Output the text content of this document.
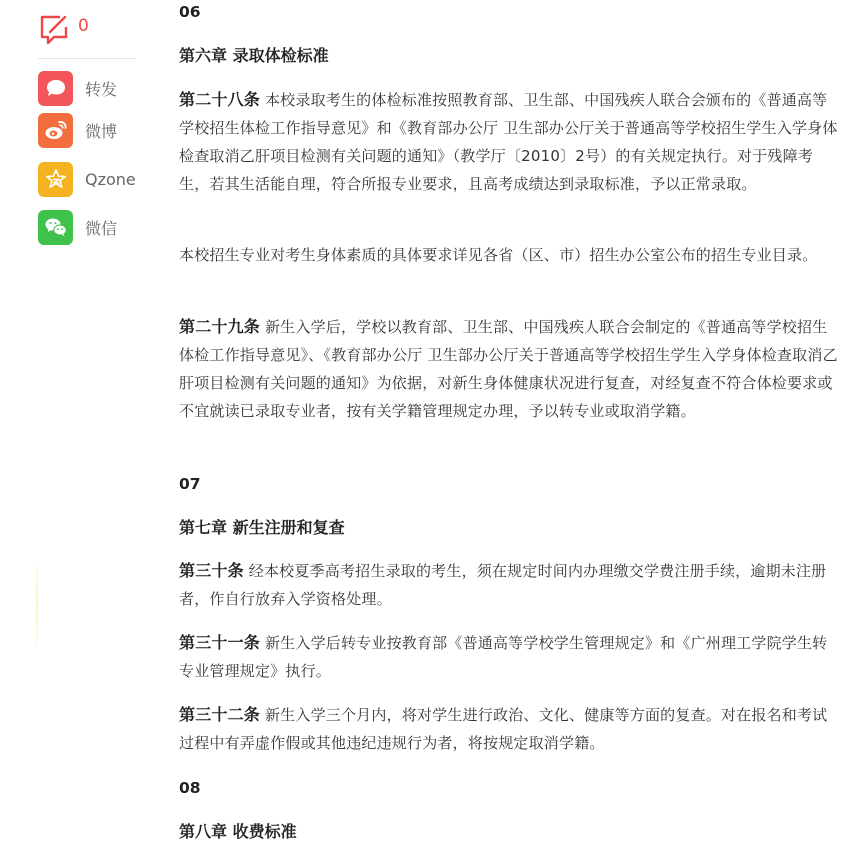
0
转发
微博
Qzone
微信
06
第六章 录取体检标准
第二十八条 本校录取考生的体检标准按照教育部、卫生部、中国残疾人联合会颁布的《普通高等学校招生体检工作指导意见》和《教育部办公厅 卫生部办公厅关于普通高等学校招生学生入学身体检查取消乙肝项目检测有关问题的通知》（教学厅〔2010〕2号）的有关规定执行。对于残障考生，若其生活能自理，符合所报专业要求，且高考成绩达到录取标准，予以正常录取。
本校招生专业对考生身体素质的具体要求详见各省（区、市）招生办公室公布的招生专业目录。
第二十九条 新生入学后，学校以教育部、卫生部、中国残疾人联合会制定的《普通高等学校招生体检工作指导意见》、《教育部办公厅 卫生部办公厅关于普通高等学校招生学生入学身体检查取消乙肝项目检测有关问题的通知》为依据，对新生身体健康状况进行复查，对经复查不符合体检要求或不宜就读已录取专业者，按有关学籍管理规定办理，予以转专业或取消学籍。
07
第七章 新生注册和复查
第三十条 经本校夏季高考招生录取的考生，须在规定时间内办理缴交学费注册手续，逾期未注册者，作自行放弃入学资格处理。
第三十一条 新生入学后转专业按教育部《普通高等学校学生管理规定》和《广州理工学院学生转专业管理规定》执行。
第三十二条 新生入学三个月内，将对学生进行政治、文化、健康等方面的复查。对在报名和考试过程中有弄虚作假或其他违纪违规行为者，将按规定取消学籍。
08
第八章 收费标准
